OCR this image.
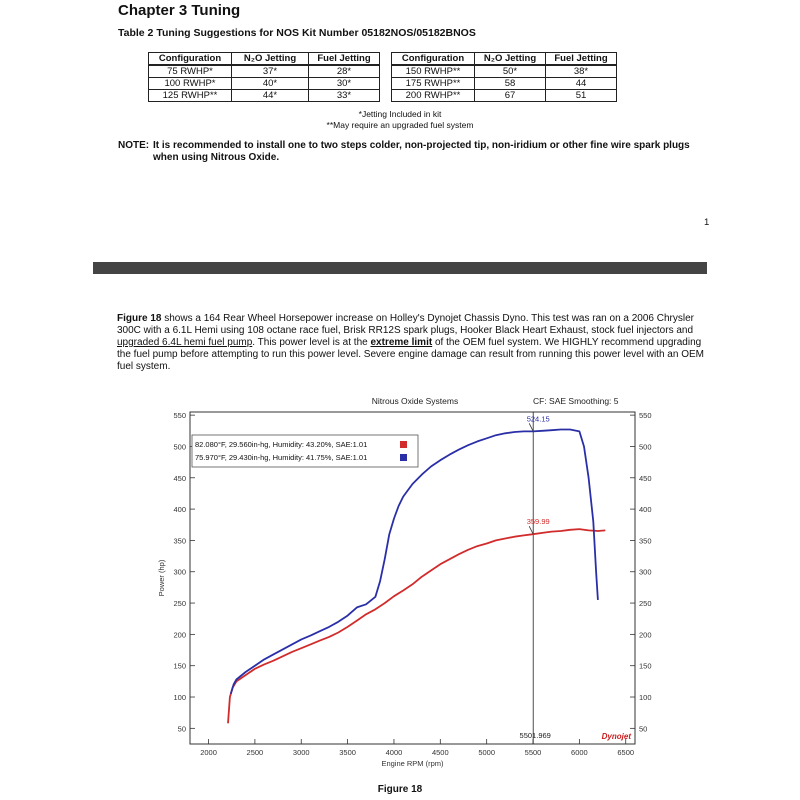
Chapter 3 Tuning
Table 2 Tuning Suggestions for NOS Kit Number 05182NOS/05182BNOS
Configuration	N₂O Jetting	Fuel Jetting
75 RWHP*	37*	28*
100 RWHP*	40*	30*
125 RWHP**	44*	33*
Configuration	N₂O Jetting	Fuel Jetting
150 RWHP**	50*	38*
175 RWHP**	58	44
200 RWHP**	67	51
*Jetting Included in kit
**May require an upgraded fuel system
NOTE: It is recommended to install one to two steps colder, non-projected tip, non-iridium or other fine wire spark plugs when using Nitrous Oxide.
1
Figure 18 shows a 164 Rear Wheel Horsepower increase on Holley's Dynojet Chassis Dyno. This test was ran on a 2006 Chrysler 300C with a 6.1L Hemi using 108 octane race fuel, Brisk RR12S spark plugs, Hooker Black Heart Exhaust, stock fuel injectors and upgraded 6.4L hemi fuel pump. This power level is at the extreme limit of the OEM fuel system. We HIGHLY recommend upgrading the fuel pump before attempting to run this power level. Severe engine damage can result from running this power level with an OEM fuel system.
Nitrous Oxide Systems	CF: SAE Smoothing: 5
50	50
100	100
150	150
200	200
250	250
300	300
350	350
400	400
450	450
500	500
550	550
2000	2500	3000	3500	4000	4500	5000	5500	6000	6500
Engine RPM (rpm)
Power (hp)
5501.969
359.99
524.15
82.080°F, 29.560in-hg, Humidity: 43.20%, SAE:1.01
75.970°F, 29.430in-hg, Humidity: 41.75%, SAE:1.01
Dynojet
Figure 18
